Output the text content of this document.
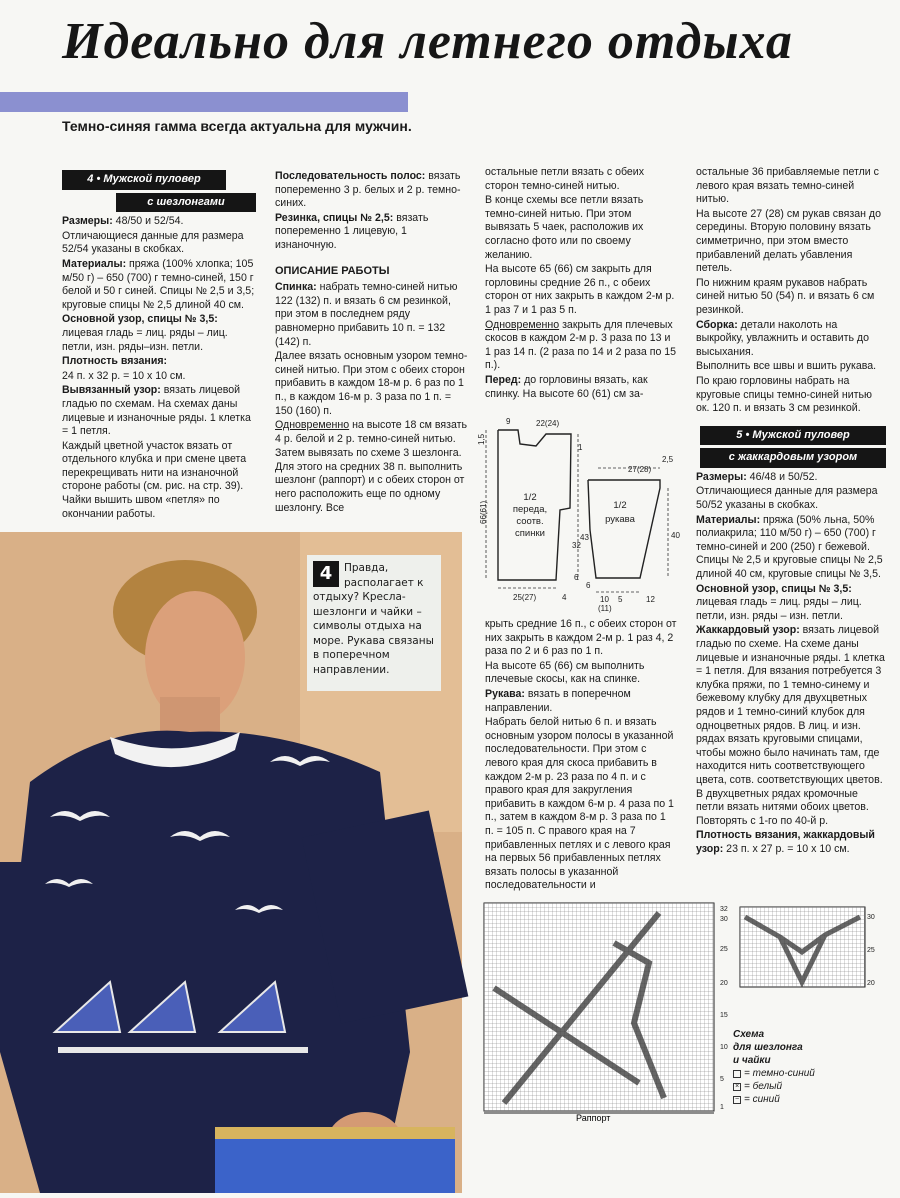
Идеально для летнего отдыха
Темно-синяя гамма всегда актуальна для мужчин.
4 • Мужской пуловер
с шезлонгами

Размеры: 48/50 и 52/54.

Отличающиеся данные для размера 52/54 указаны в скобках.

Материалы: пряжа (100% хлопка; 105 м/50 г) – 650 (700) г темно-синей, 150 г белой и 50 г синей. Спицы № 2,5 и 3,5; круговые спицы № 2,5 длиной 40 см.

Основной узор, спицы № 3,5: лицевая гладь = лиц. ряды – лиц. петли, изн. ряды–изн. петли.

Плотность вязания:

24 п. x 32 р. = 10 x 10 см.

Вывязанный узор: вязать лицевой гладью по схемам. На схемах даны лицевые и изнаночные ряды. 1 клетка = 1 петля.

Каждый цветной участок вязать от отдельного клубка и при смене цвета перекрещивать нити на изнаночной стороне работы (см. рис. на стр. 39). Чайки вышить швом «петля» по окончании работы.

Последовательность полос: вязать попеременно 3 р. белых и 2 р. темно-синих.

Резинка, спицы № 2,5: вязать попеременно 1 лицевую, 1 изнаночную.

ОПИСАНИЕ РАБОТЫ

Спинка: набрать темно-синей нитью 122 (132) п. и вязать 6 см резинкой, при этом в последнем ряду равномерно прибавить 10 п. = 132 (142) п.

Далее вязать основным узором темно-синей нитью. При этом с обеих сторон прибавить в каждом 18-м р. 6 раз по 1 п., в каждом 16-м р. 3 раза по 1 п. = 150 (160) п.

Одновременно на высоте 18 см вязать 4 р. белой и 2 р. темно-синей нитью.

Затем вывязать по схеме 3 шезлонга. Для этого на средних 38 п. выполнить шезлонг (раппорт) и с обеих сторон от него расположить еще по одному шезлонгу. Все

остальные петли вязать с обеих сторон темно-синей нитью.

В конце схемы все петли вязать темно-синей нитью. При этом вывязать 5 чаек, расположив их согласно фото или по своему желанию.

На высоте 65 (66) см закрыть для горловины средние 26 п., с обеих сторон от них закрыть в каждом 2-м р. 1 раз 7 и 1 раз 5 п.

Одновременно закрыть для плечевых скосов в каждом 2-м р. 3 раза по 13 и 1 раз 14 п. (2 раза по 14 и 2 раза по 15 п.).

Перед: до горловины вязать, как спинку. На высоте 60 (61) см за-

9	22(24)
27(28)
25(27)	4	10
(11)
5	12
1,5
66(61)
32
43
6
40
2,5
1
6
1/2
переда,
соотв.
спинки
1/2
рукава

крыть средние 16 п., с обеих сторон от них закрыть в каждом 2-м р. 1 раз 4, 2 раза по 2 и 6 раз по 1 п.

На высоте 65 (66) см выполнить плечевые скосы, как на спинке.

Рукава: вязать в поперечном направлении.

Набрать белой нитью 6 п. и вязать основным узором полосы в указанной последовательности. При этом с левого края для скоса прибавить в каждом 2-м р. 23 раза по 4 п. и с правого края для закругления прибавить в каждом 6-м р. 4 раза по 1 п., затем в каждом 8-м р. 3 раза по 1 п. = 105 п. С правого края на 7 прибавленных петлях и с левого края на первых 56 прибавленных петлях вязать полосы в указанной последовательности и

остальные 36 прибавляемые петли с левого края вязать темно-синей нитью.

На высоте 27 (28) см рукав связан до середины. Вторую половину вязать симметрично, при этом вместо прибавлений делать убавления петель.

По нижним краям рукавов набрать синей нитью 50 (54) п. и вязать 6 см резинкой.

Сборка: детали наколоть на выкройку, увлажнить и оставить до высыхания.

Выполнить все швы и вшить рукава.

По краю горловины набрать на круговые спицы темно-синей нитью ок. 120 п. и вязать 3 см резинкой.

5 • Мужской пуловер
с жаккардовым узором

Размеры: 46/48 и 50/52.

Отличающиеся данные для размера 50/52 указаны в скобках.

Материалы: пряжа (50% льна, 50% полиакрила; 110 м/50 г) – 650 (700) г темно-синей и 200 (250) г бежевой. Спицы № 2,5 и круговые спицы № 2,5 длиной 40 см, круговые спицы № 3,5.

Основной узор, спицы № 3,5: лицевая гладь = лиц. ряды – лиц. петли, изн. ряды – изн. петли.

Жаккардовый узор: вязать лицевой гладью по схеме. На схеме даны лицевые и изнаночные ряды. 1 клетка = 1 петля. Для вязания потребуется 3 клубка пряжи, по 1 темно-синему и бежевому клубку для двухцветных рядов и 1 темно-синий клубок для одноцветных рядов. В лиц. и изн. рядах вязать круговыми спицами, чтобы можно было начинать там, где находится нить соответствующего цвета, сотв. соответствующих цветов. В двухцветных рядах кромочные петли вязать нитями обоих цветов. Повторять с 1-го по 40-й р.

Плотность вязания, жаккардовый узор: 23 п. x 27 р. = 10 x 10 см.

4	Правда, располагает к отдыху? Кресла-шезлонги и чайки – символы отдыха на море. Рукава связаны в поперечном направлении.
Раппорт
32
30
25
20
15
10
5
1
30
25
20
Схема
для шезлонга
и чайки
= темно-синий
× = белый
− = синий
